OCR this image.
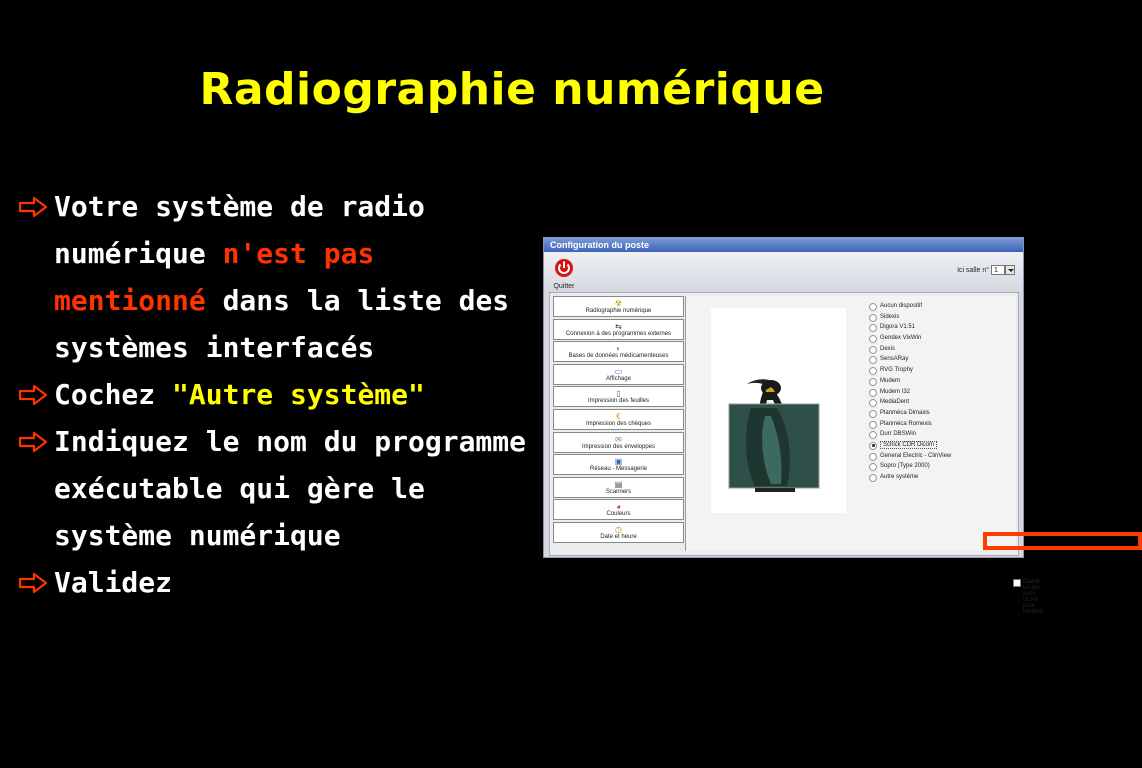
Radiographie numérique
Votre système de radio numérique n'est pas mentionné dans la liste des systèmes interfacés
Cochez "Autre système"
Indiquez le nom du programme exécutable qui gère le système numérique
Validez
Configuration du poste
Quitter
Ici salle n° 1
☢
Radiographie numérique
⇆
Connexion à des programmes externes
◐
Bases de données médicamenteuses
▭
Affichage
▯
Impression des feuilles
€
Impression des chèques
✉
Impression des enveloppes
▣
Réseau - Messagerie
▤
Scanners
◕
Couleurs
◷
Date et heure
Aucun dispositif
Sidexis
Digora V1.51
Gendex VixWin
Dexis
SensARay
RVG Trophy
Mudem
Mudem I32
MediaDent
Planméca Dimaxis
Planméca Romexis
Durr DBSWin
Schick CDR Dicom
General Electric - ClinView
Sopro (Type 2000)
Autre système
Etablir un lien avec ULink pour Mudem
